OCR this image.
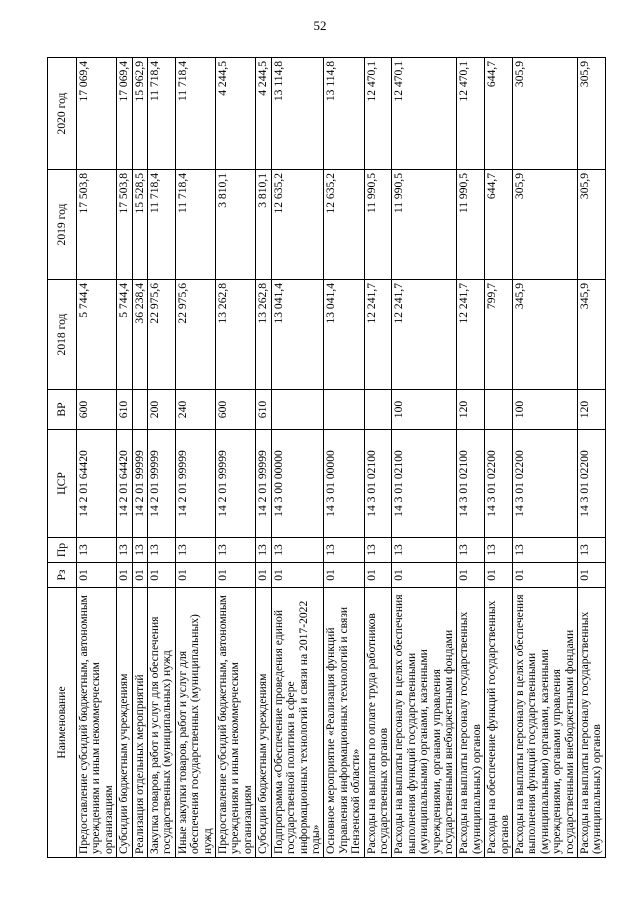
52
Наименование	Рз	Пр	ЦСР	ВР	2018 год	2019 год	2020 год
Предоставление субсидий бюджетным, автономным учреждениям и иным некоммерческим организациям	01	13	14 2 01 64420	600	5 744,4	17 503,8	17 069,4
Субсидии бюджетным учреждениям	01	13	14 2 01 64420	610	5 744,4	17 503,8	17 069,4
Реализация отдельных мероприятий	01	13	14 2 01 99999		36 238,4	15 528,5	15 962,9
Закупка товаров, работ и услуг для обеспечения государственных (муниципальных) нужд	01	13	14 2 01 99999	200	22 975,6	11 718,4	11 718,4
Иные закупки товаров, работ и услуг для обеспечения государственных (муниципальных) нужд	01	13	14 2 01 99999	240	22 975,6	11 718,4	11 718,4
Предоставление субсидий бюджетным, автономным учреждениям и иным некоммерческим организациям	01	13	14 2 01 99999	600	13 262,8	3 810,1	4 244,5
Субсидии бюджетным учреждениям	01	13	14 2 01 99999	610	13 262,8	3 810,1	4 244,5
Подпрограмма «Обеспечение проведения единой государственной политики в сфере информационных технологий и связи на 2017-2022 годы»	01	13	14 3 00 00000		13 041,4	12 635,2	13 114,8
Основное мероприятие «Реализация функций Управления информационных технологий и связи Пензенской области»	01	13	14 3 01 00000		13 041,4	12 635,2	13 114,8
Расходы на выплаты по оплате труда работников государственных органов	01	13	14 3 01 02100		12 241,7	11 990,5	12 470,1
Расходы на выплаты персоналу в целях обеспечения выполнения функций государственными (муниципальными) органами, казенными учреждениями, органами управления государственными внебюджетными фондами	01	13	14 3 01 02100	100	12 241,7	11 990,5	12 470,1
Расходы на выплаты персоналу государственных (муниципальных) органов	01	13	14 3 01 02100	120	12 241,7	11 990,5	12 470,1
Расходы на обеспечение функций государственных органов	01	13	14 3 01 02200		799,7	644,7	644,7
Расходы на выплаты персоналу в целях обеспечения выполнения функций государственными (муниципальными) органами, казенными учреждениями, органами управления государственными внебюджетными фондами	01	13	14 3 01 02200	100	345,9	305,9	305,9
Расходы на выплаты персоналу государственных (муниципальных) органов	01	13	14 3 01 02200	120	345,9	305,9	305,9
